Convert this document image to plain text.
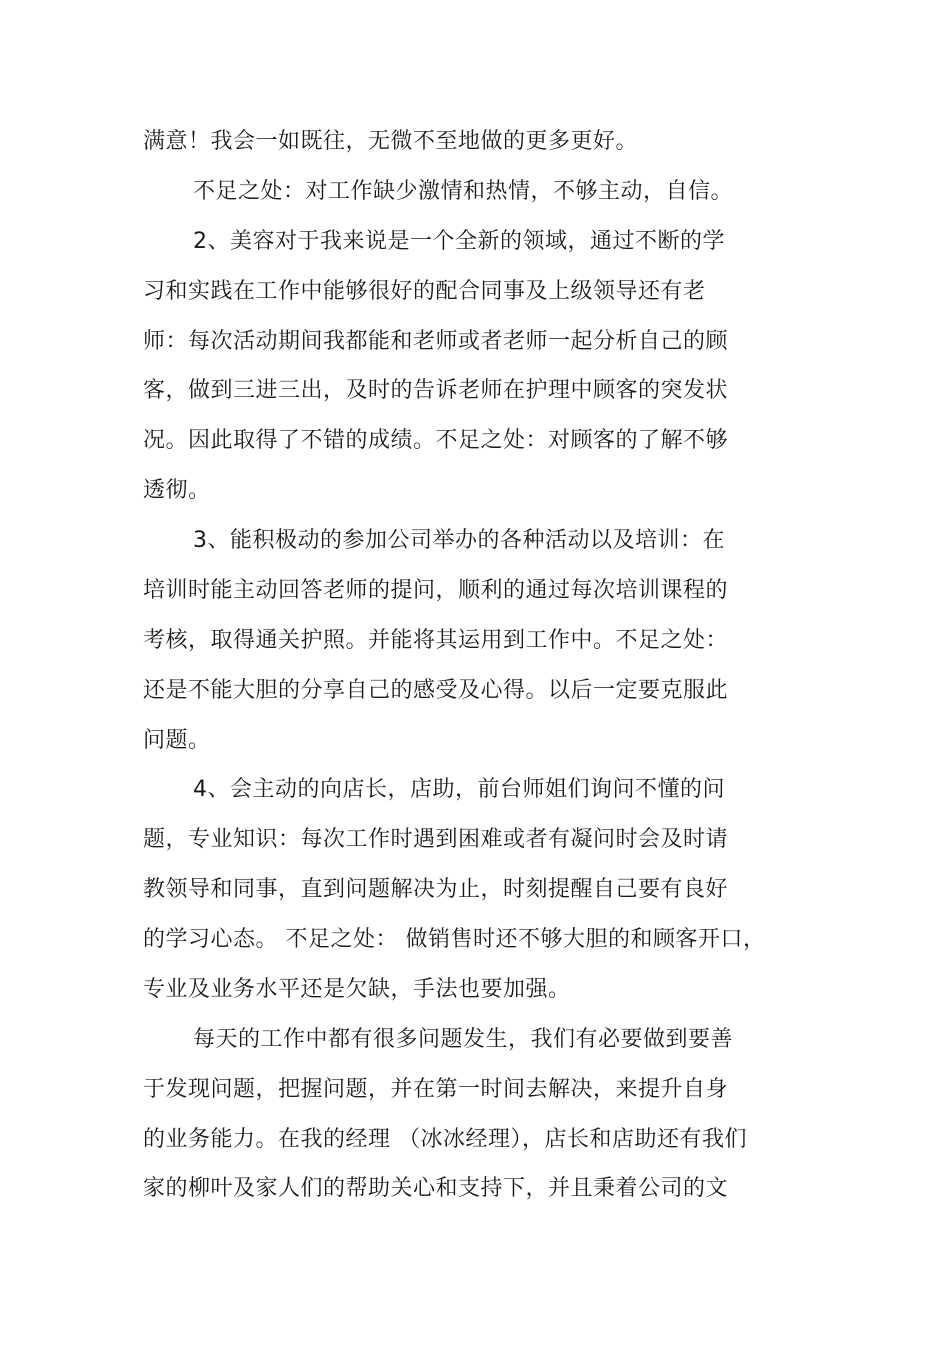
满意！我会一如既往，无微不至地做的更多更好。
不足之处：对工作缺少激情和热情，不够主动，自信。
2、美容对于我来说是一个全新的领域，通过不断的学
习和实践在工作中能够很好的配合同事及上级领导还有老
师：每次活动期间我都能和老师或者老师一起分析自己的顾
客，做到三进三出，及时的告诉老师在护理中顾客的突发状
况。因此取得了不错的成绩。不足之处：对顾客的了解不够
透彻。
3、能积极动的参加公司举办的各种活动以及培训：在
培训时能主动回答老师的提问，顺利的通过每次培训课程的
考核，取得通关护照。并能将其运用到工作中。不足之处：
还是不能大胆的分享自己的感受及心得。以后一定要克服此
问题。
4、会主动的向店长，店助，前台师姐们询问不懂的问
题，专业知识：每次工作时遇到困难或者有凝问时会及时请
教领导和同事，直到问题解决为止，时刻提醒自己要有良好
的学习心态。 不足之处： 做销售时还不够大胆的和顾客开口，
专业及业务水平还是欠缺，手法也要加强。
每天的工作中都有很多问题发生，我们有必要做到要善
于发现问题，把握问题，并在第一时间去解决，来提升自身
的业务能力。在我的经理 （冰冰经理），店长和店助还有我们
家的柳叶及家人们的帮助关心和支持下，并且秉着公司的文
